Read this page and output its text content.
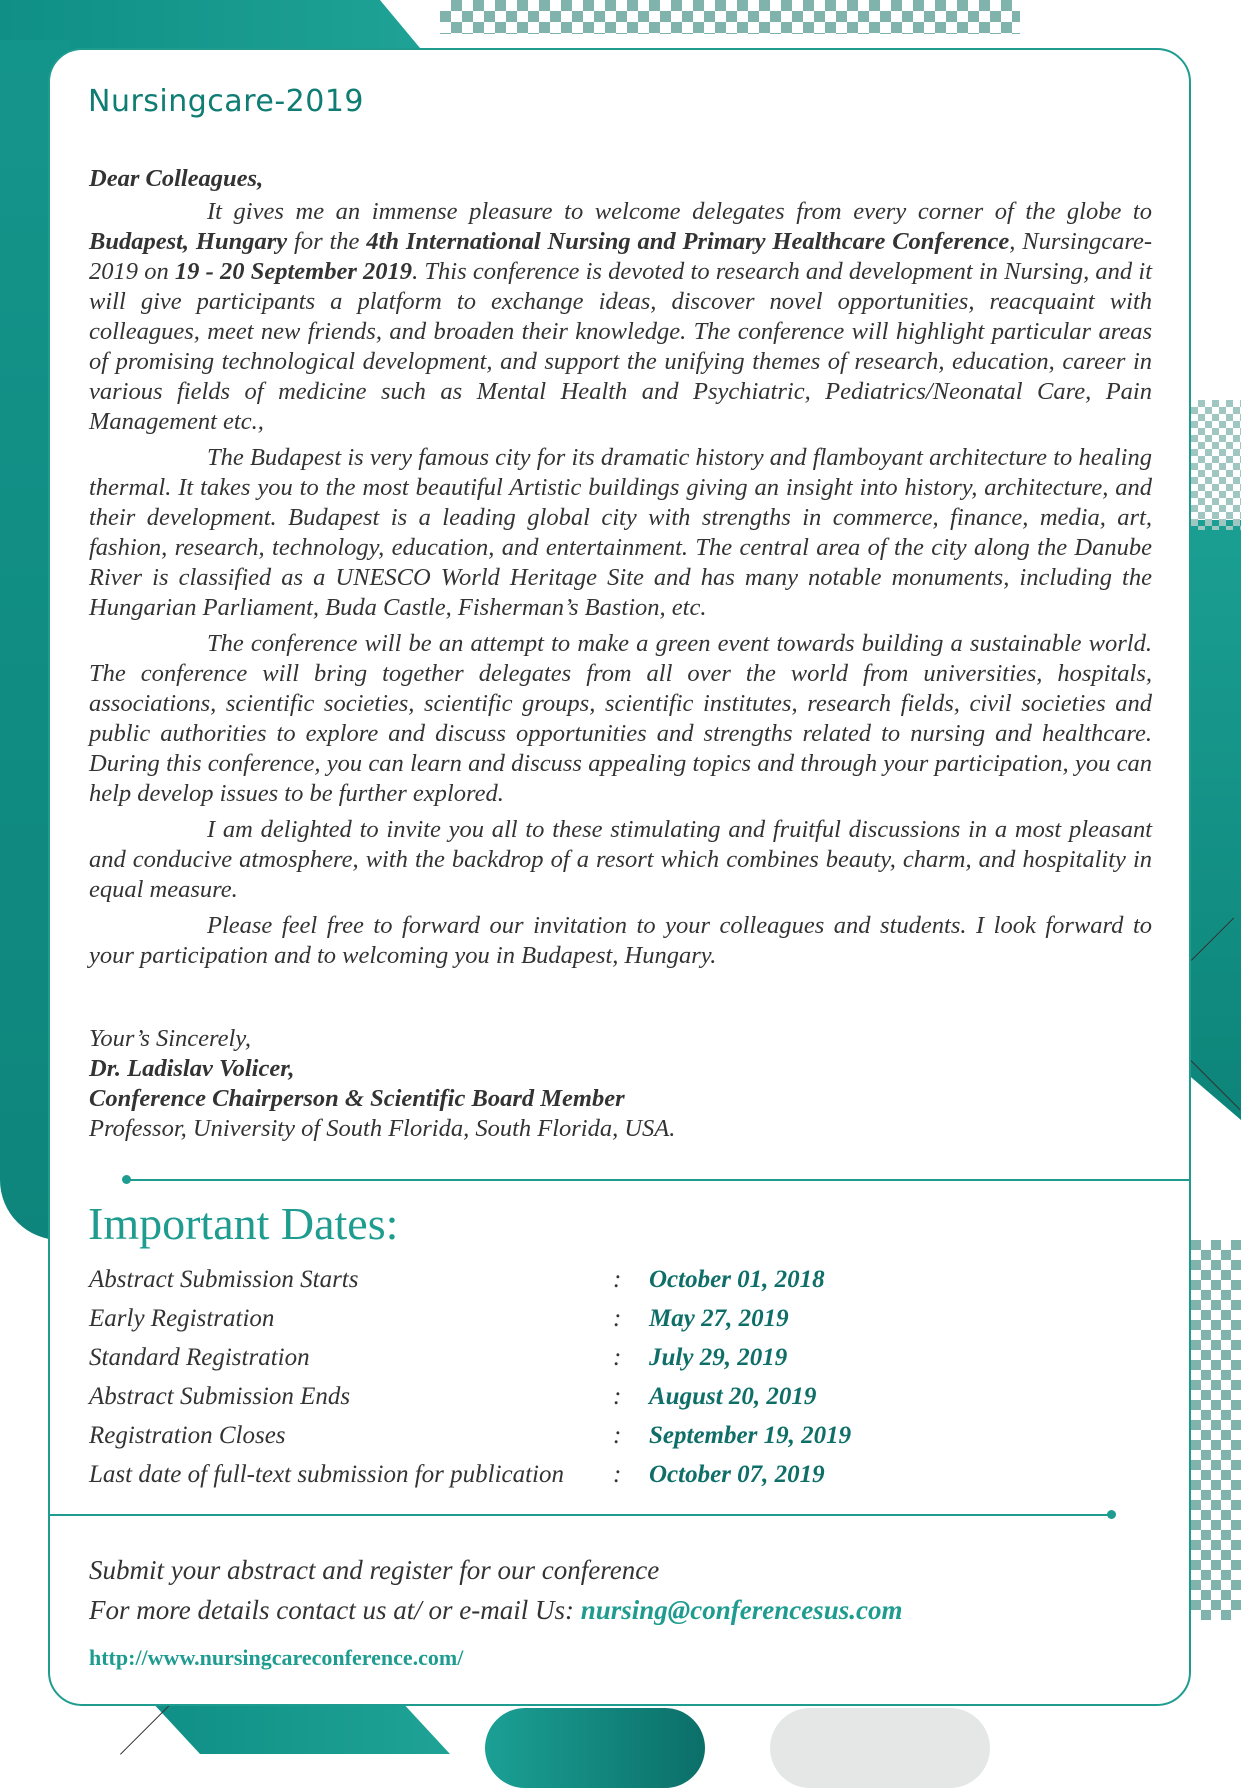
Nursingcare-2019

Dear Colleagues,

It gives me an immense pleasure to welcome delegates from every corner of the globe to Budapest, Hungary for the 4th International Nursing and Primary Healthcare Conference, Nursingcare-2019 on 19 - 20 September 2019. This conference is devoted to research and development in Nursing, and it will give participants a platform to exchange ideas, discover novel opportunities, reacquaint with colleagues, meet new friends, and broaden their knowledge. The conference will highlight particular areas of promising technological development, and support the unifying themes of research, education, career in various fields of medicine such as Mental Health and Psychiatric, Pediatrics/Neonatal Care, Pain Management etc.,

The Budapest is very famous city for its dramatic history and flamboyant architecture to healing thermal. It takes you to the most beautiful Artistic buildings giving an insight into history, architecture, and their development. Budapest is a leading global city with strengths in commerce, finance, media, art, fashion, research, technology, education, and entertainment. The central area of the city along the Danube River is classified as a UNESCO World Heritage Site and has many notable monuments, including the Hungarian Parliament, Buda Castle, Fisherman’s Bastion, etc.

The conference will be an attempt to make a green event towards building a sustainable world. The conference will bring together delegates from all over the world from universities, hospitals, associations, scientific societies, scientific groups, scientific institutes, research fields, civil societies and public authorities to explore and discuss opportunities and strengths related to nursing and healthcare. During this conference, you can learn and discuss appealing topics and through your participation, you can help develop issues to be further explored.

I am delighted to invite you all to these stimulating and fruitful discussions in a most pleasant and conducive atmosphere, with the backdrop of a resort which combines beauty, charm, and hospitality in equal measure.

Please feel free to forward our invitation to your colleagues and students. I look forward to your participation and to welcoming you in Budapest, Hungary.

Your’s Sincerely,
Dr. Ladislav Volicer,
Conference Chairperson & Scientific Board Member
Professor, University of South Florida, South Florida, USA.
Important Dates:
Abstract Submission Starts	: October 01, 2018
Early Registration	: May 27, 2019
Standard Registration	: July 29, 2019
Abstract Submission Ends	: August 20, 2019
Registration Closes	: September 19, 2019
Last date of full-text submission for publication : October 07, 2019
Submit your abstract and register for our conference
For more details contact us at/ or e-mail Us: nursing@conferencesus.com
http://www.nursingcareconference.com/
